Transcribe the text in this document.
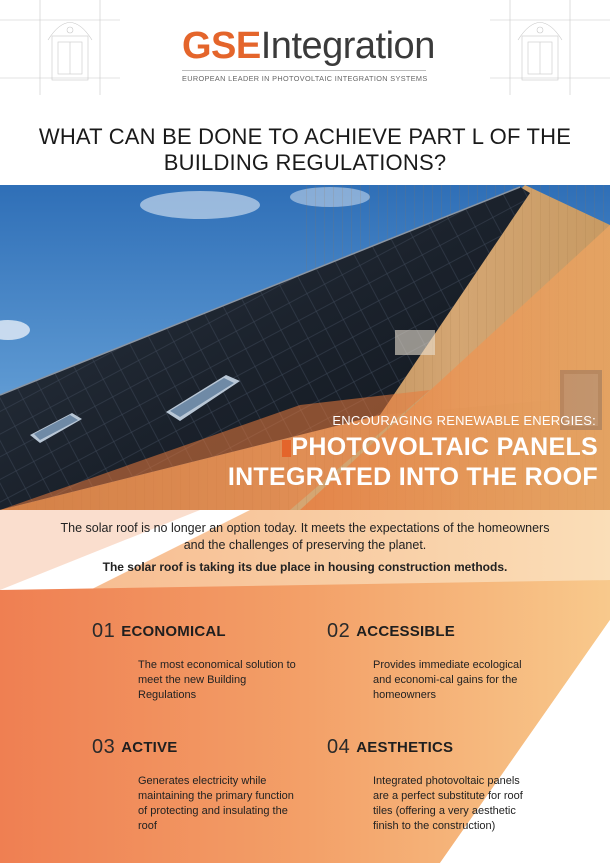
GSEIntegration
EUROPEAN LEADER IN PHOTOVOLTAIC INTEGRATION SYSTEMS
WHAT CAN BE DONE TO ACHIEVE PART L OF THE BUILDING REGULATIONS?
ENCOURAGING RENEWABLE ENERGIES:
PHOTOVOLTAIC PANELS INTEGRATED INTO THE ROOF
The solar roof is no longer an option today. It meets the expectations of the homeowners and the challenges of preserving the planet.
The solar roof is taking its due place in housing construction methods.
01 ECONOMICAL
The most economical solution to meet the new Building Regulations
02 ACCESSIBLE
Provides immediate ecological and economi-cal gains for the homeowners
03 ACTIVE
Generates electricity while maintaining the primary function of protecting and insulating the roof
04 AESTHETICS
Integrated photovoltaic panels are a perfect substitute for roof tiles (offering a very aesthetic finish to the construction)
